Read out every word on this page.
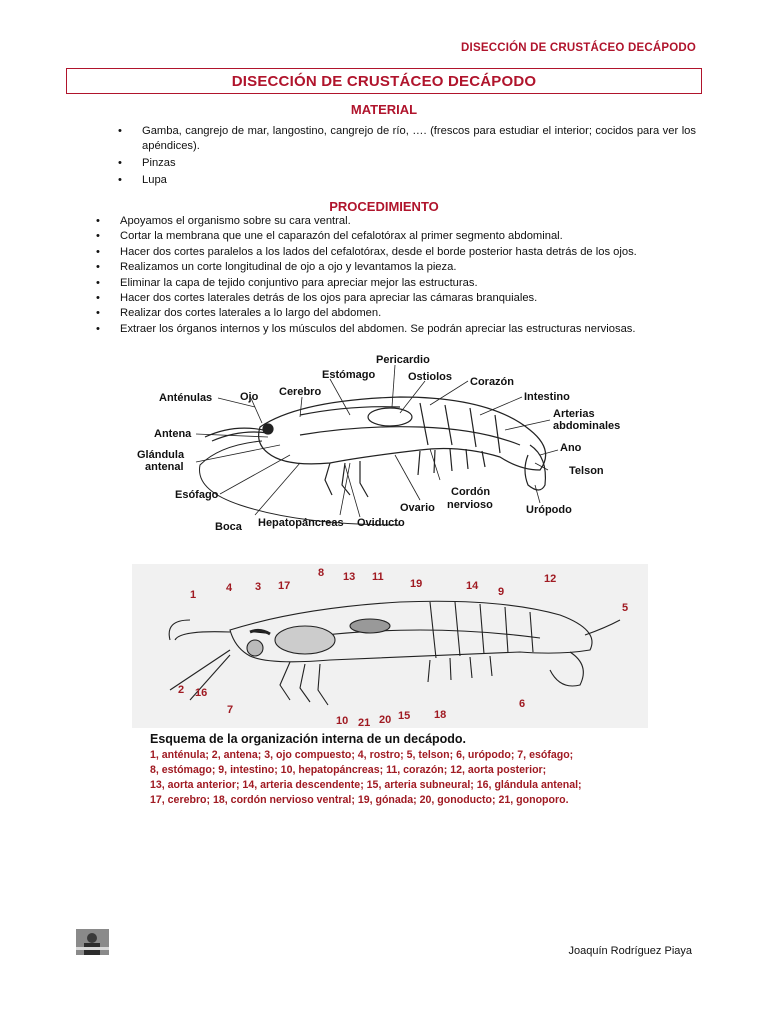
DISECCIÓN DE CRUSTÁCEO DECÁPODO
DISECCIÓN DE CRUSTÁCEO DECÁPODO
MATERIAL
• Gamba, cangrejo de mar, langostino, cangrejo de río, …. (frescos para estudiar el interior; cocidos para ver los apéndices).
• Pinzas
• Lupa
PROCEDIMIENTO
• Apoyamos el organismo sobre su cara ventral.
• Cortar la membrana que une el caparazón del cefalotórax al primer segmento abdominal.
• Hacer dos cortes paralelos a los lados del cefalotórax, desde el borde posterior hasta detrás de los ojos.
• Realizamos un corte longitudinal de ojo a ojo y levantamos la pieza.
• Eliminar la capa de tejido conjuntivo para apreciar mejor las estructuras.
• Hacer dos cortes laterales detrás de los ojos para apreciar las cámaras branquiales.
• Realizar dos cortes laterales a lo largo del abdomen.
• Extraer los órganos internos y los músculos del abdomen. Se podrán apreciar las estructuras nerviosas.
Pericardio
Estómago	Ostiolos Corazón
Anténulas	Ojo Cerebro	Intestino
Arterias
abdominales
Antena
Ano
Glándula
antenal	Telson
Esófago	Cordón
nervioso
Ovario	Urópodo
Boca Hepatopáncreas Oviducto
1
2
3
4
5
6
7
8
9
10
11	12
13
14
15
16
17
18
19
20
21
Esquema de la organización interna de un decápodo.
1, anténula; 2, antena; 3, ojo compuesto; 4, rostro; 5, telson; 6, urópodo; 7, esófago;
8, estómago; 9, intestino; 10, hepatopáncreas; 11, corazón; 12, aorta posterior;
13, aorta anterior; 14, arteria descendente; 15, arteria subneural; 16, glándula antenal;
17, cerebro; 18, cordón nervioso ventral; 19, gónada; 20, gonoducto; 21, gonoporo.
Joaquín Rodríguez Piaya
